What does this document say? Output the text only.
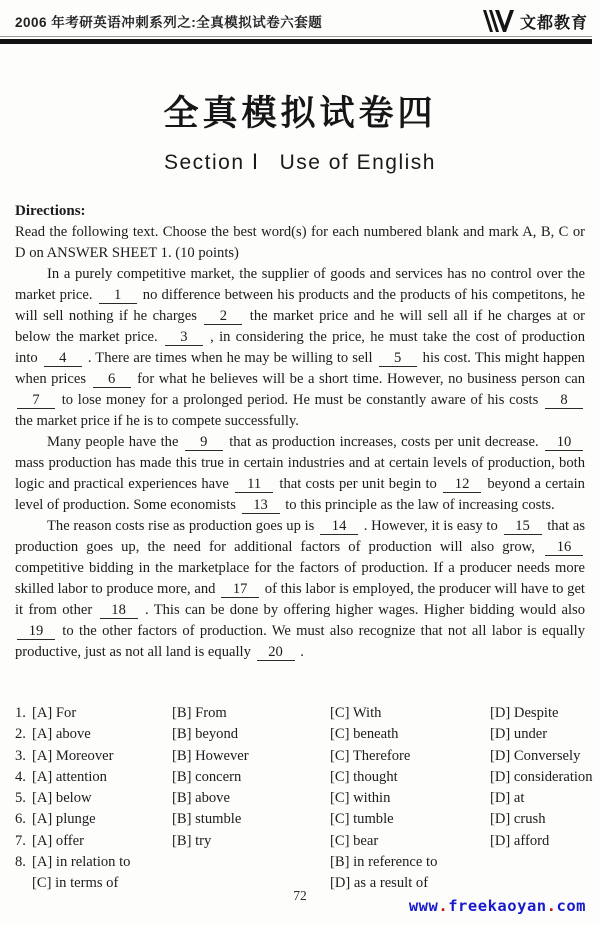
2006 年考研英语冲刺系列之:全真模拟试卷六套题	文都教育
全真模拟试卷四
Section Ⅰ Use of English
Directions:

Read the following text. Choose the best word(s) for each numbered blank and mark A, B, C or D on ANSWER SHEET 1. (10 points)

In a purely competitive market, the supplier of goods and services has no control over the market price. 1 no difference between his products and the products of his competitons, he will sell nothing if he charges 2 the market price and he will sell all if he charges at or below the market price. 3 , in considering the price, he must take the cost of production into 4 . There are times when he may be willing to sell 5 his cost. This might happen when prices 6 for what he believes will be a short time. However, no business person can 7 to lose money for a prolonged period. He must be constantly aware of his costs 8 the market price if he is to compete successfully.

Many people have the 9 that as production increases, costs per unit decrease. 10 mass production has made this true in certain industries and at certain levels of production, both logic and practical experiences have 11 that costs per unit begin to 12 beyond a certain level of production. Some economists 13 to this principle as the law of increasing costs.

The reason costs rise as production goes up is 14 . However, it is easy to 15 that as production goes up, the need for additional factors of production will also grow, 16 competitive bidding in the marketplace for the factors of production. If a producer needs more skilled labor to produce more, and 17 of this labor is employed, the producer will have to get it from other 18 . This can be done by offering higher wages. Higher bidding would also 19 to the other factors of production. We must also recognize that not all labor is equally productive, just as not all land is equally 20 .

1. [A] For	[B] From	[C] With	[D] Despite
2. [A] above	[B] beyond	[C] beneath	[D] under
3. [A] Moreover	[B] However	[C] Therefore	[D] Conversely
4. [A] attention	[B] concern	[C] thought	[D] consideration
5. [A] below	[B] above	[C] within	[D] at
6. [A] plunge	[B] stumble	[C] tumble	[D] crush
7. [A] offer	[B] try	[C] bear	[D] afford
8. [A] in relation to	[B] in reference to
[C] in terms of	[D] as a result of
72
www.freekaoyan.com
